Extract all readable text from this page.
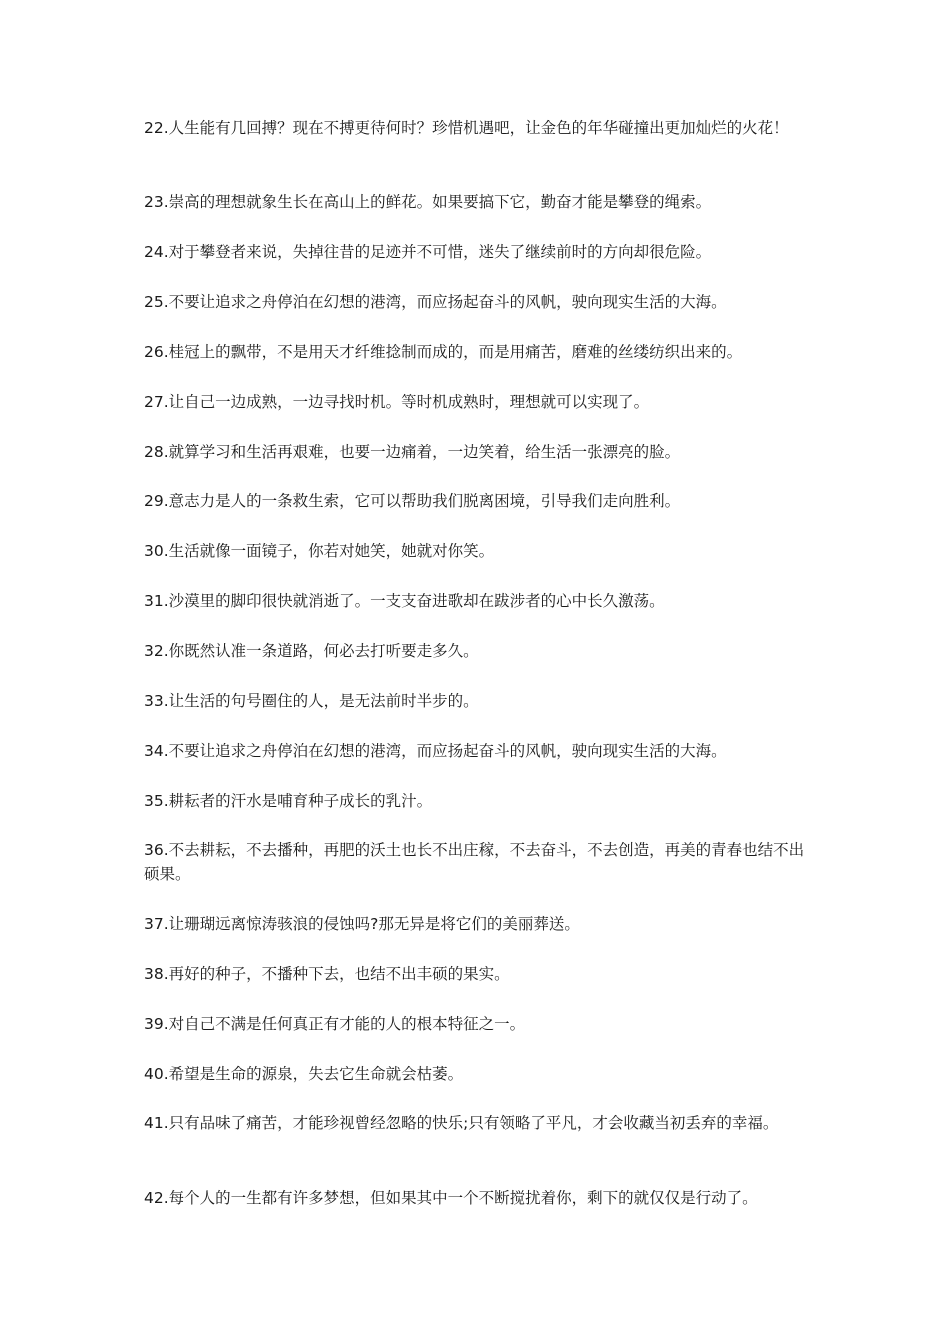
22.人生能有几回搏？现在不搏更待何时？珍惜机遇吧，让金色的年华碰撞出更加灿烂的火花！

23.崇高的理想就象生长在高山上的鲜花。如果要搞下它，勤奋才能是攀登的绳索。

24.对于攀登者来说，失掉往昔的足迹并不可惜，迷失了继续前时的方向却很危险。

25.不要让追求之舟停泊在幻想的港湾，而应扬起奋斗的风帆，驶向现实生活的大海。

26.桂冠上的飘带，不是用天才纤维捻制而成的，而是用痛苦，磨难的丝缕纺织出来的。

27.让自己一边成熟，一边寻找时机。等时机成熟时，理想就可以实现了。

28.就算学习和生活再艰难，也要一边痛着，一边笑着，给生活一张漂亮的脸。

29.意志力是人的一条救生索，它可以帮助我们脱离困境，引导我们走向胜利。

30.生活就像一面镜子，你若对她笑，她就对你笑。

31.沙漠里的脚印很快就消逝了。一支支奋进歌却在跋涉者的心中长久激荡。

32.你既然认准一条道路，何必去打听要走多久。

33.让生活的句号圈住的人，是无法前时半步的。

34.不要让追求之舟停泊在幻想的港湾，而应扬起奋斗的风帆，驶向现实生活的大海。

35.耕耘者的汗水是哺育种子成长的乳汁。

36.不去耕耘，不去播种，再肥的沃土也长不出庄稼，不去奋斗，不去创造，再美的青春也结不出硕果。

37.让珊瑚远离惊涛骇浪的侵蚀吗?那无异是将它们的美丽葬送。

38.再好的种子，不播种下去，也结不出丰硕的果实。

39.对自己不满是任何真正有才能的人的根本特征之一。

40.希望是生命的源泉，失去它生命就会枯萎。

41.只有品味了痛苦，才能珍视曾经忽略的快乐;只有领略了平凡，才会收藏当初丢弃的幸福。

42.每个人的一生都有许多梦想，但如果其中一个不断搅扰着你，剩下的就仅仅是行动了。
